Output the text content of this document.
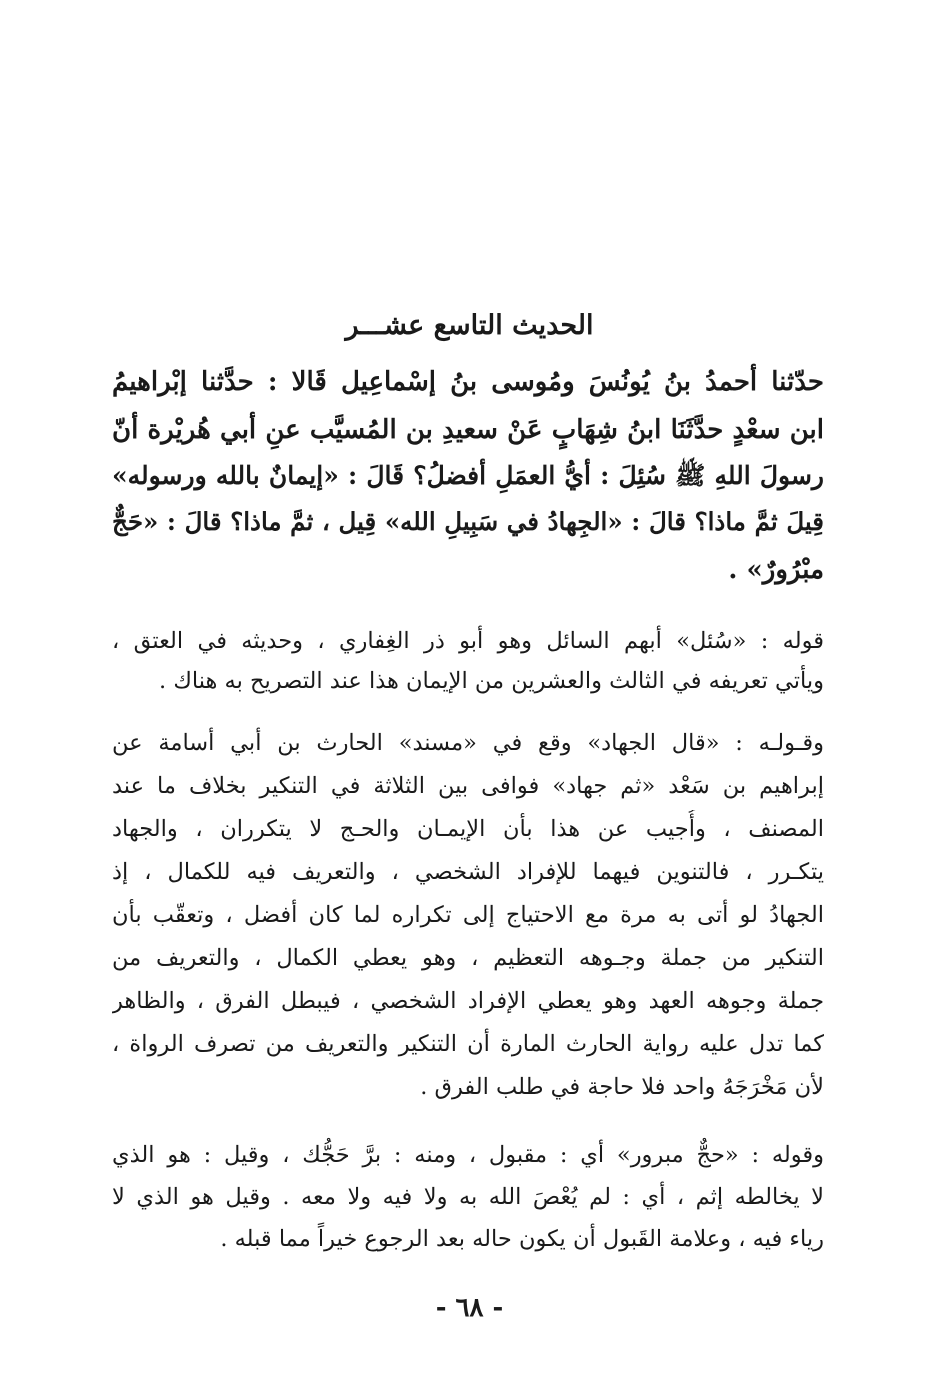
الحديث التاسع عشـــر
حدّثنا أحمدُ بنُ يُونُسَ ومُوسى بنُ إسْماعِيل قَالا : حدَّثنا إبْراهيمُ
ابن سعْدٍ حدَّثَنَا ابنُ شِهَابٍ عَنْ سعيدِ بن المُسيَّب عنِ أبي هُريْرة أنّ
رسولَ اللهِ ﷺ سُئِلَ : أيُّ العمَلِ أفضلُ؟ قَالَ : «إيمانٌ بالله ورسوله»
قِيلَ ثمَّ ماذا؟ قالَ : «الجِهادُ في سَبِيلِ الله» قِيل ، ثمَّ ماذا؟ قالَ : «حَجٌّ
مبْرُورٌ» .
قوله : «سُئل» أبهم السائل وهو أبو ذر الغِفاري ، وحديثه في العتق ،
ويأتي تعريفه في الثالث والعشرين من الإيمان هذا عند التصريح به هناك .
وقـولـه : «قال الجهاد» وقع في «مسند» الحارث بن أبي أسامة عن
إبراهيم بن سَعْد «ثم جهاد» فوافى بين الثلاثة في التنكير بخلاف ما عند
المصنف ، وأُجيب عن هذا بأن الإيمـان والحـج لا يتكرران ، والجهاد
يتكـرر ، فالتنوين فيهما للإفراد الشخصي ، والتعريف فيه للكمال ، إذ
الجهادُ لو أتى به مرة مع الاحتياج إلى تكراره لما كان أفضل ، وتعقّب بأن
التنكير من جملة وجـوهه التعظيم ، وهو يعطي الكمال ، والتعريف من
جملة وجوهه العهد وهو يعطي الإفراد الشخصي ، فيبطل الفرق ، والظاهر
كما تدل عليه رواية الحارث المارة أن التنكير والتعريف من تصرف الرواة ،
لأن مَخْرَجَهُ واحد فلا حاجة في طلب الفرق .
وقوله : «حجٌّ مبرور» أي : مقبول ، ومنه : برَّ حَجُّك ، وقيل : هو الذي
لا يخالطه إثم ، أي : لم يُعْصَ الله به ولا فيه ولا معه . وقيل هو الذي لا
رياء فيه ، وعلامة القَبول أن يكون حاله بعد الرجوع خيراً مما قبله .
- ٦٨ -
